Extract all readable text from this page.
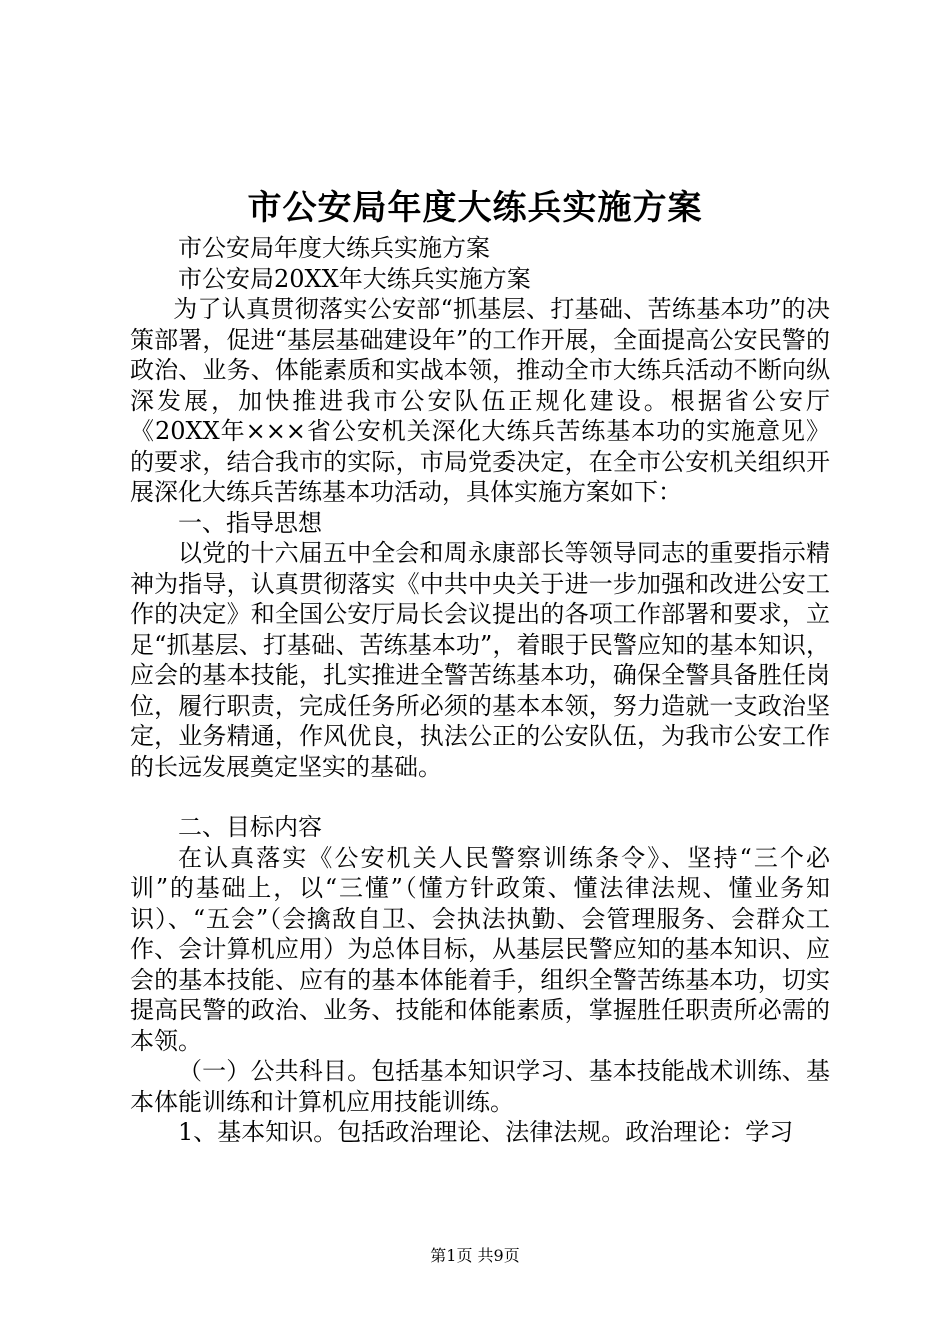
市公安局年度大练兵实施方案

市公安局年度大练兵实施方案

市公安局20XX年大练兵实施方案

为了认真贯彻落实公安部“抓基层、打基础、苦练基本功”的决策部署，促进“基层基础建设年”的工作开展，全面提高公安民警的政治、业务、体能素质和实战本领，推动全市大练兵活动不断向纵深发展，加快推进我市公安队伍正规化建设。根据省公安厅《20XX年×××省公安机关深化大练兵苦练基本功的实施意见》的要求，结合我市的实际，市局党委决定，在全市公安机关组织开展深化大练兵苦练基本功活动，具体实施方案如下：

一、指导思想

以党的十六届五中全会和周永康部长等领导同志的重要指示精神为指导，认真贯彻落实《中共中央关于进一步加强和改进公安工作的决定》和全国公安厅局长会议提出的各项工作部署和要求，立足“抓基层、打基础、苦练基本功”，着眼于民警应知的基本知识，应会的基本技能，扎实推进全警苦练基本功，确保全警具备胜任岗位，履行职责，完成任务所必须的基本本领，努力造就一支政治坚定，业务精通，作风优良，执法公正的公安队伍，为我市公安工作的长远发展奠定坚实的基础。

二、目标内容

在认真落实《公安机关人民警察训练条令》、坚持“三个必训”的基础上，以“三懂”（懂方针政策、懂法律法规、懂业务知识）、“五会”（会擒敌自卫、会执法执勤、会管理服务、会群众工作、会计算机应用）为总体目标，从基层民警应知的基本知识、应会的基本技能、应有的基本体能着手，组织全警苦练基本功，切实提高民警的政治、业务、技能和体能素质，掌握胜任职责所必需的本领。

（一）公共科目。包括基本知识学习、基本技能战术训练、基本体能训练和计算机应用技能训练。

1、基本知识。包括政治理论、法律法规。政治理论：学习

第1页 共9页
